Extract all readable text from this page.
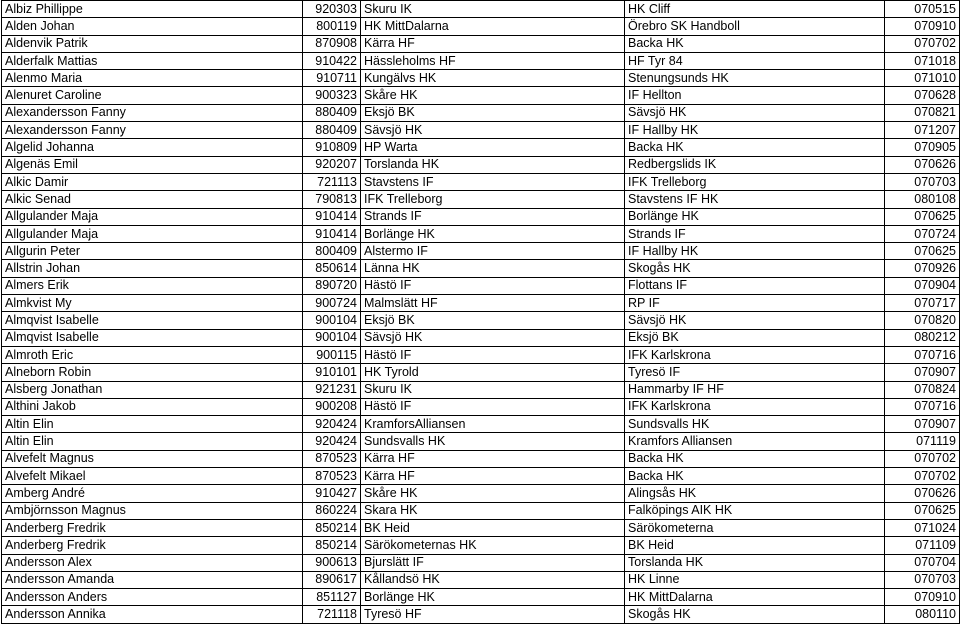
Albiz Phillippe	920303	Skuru IK	HK Cliff	070515
Alden Johan	800119	HK MittDalarna	Örebro SK Handboll	070910
Aldenvik Patrik	870908	Kärra HF	Backa HK	070702
Alderfalk Mattias	910422	Hässleholms HF	HF Tyr 84	071018
Alenmo Maria	910711	Kungälvs HK	Stenungsunds HK	071010
Alenuret Caroline	900323	Skåre HK	IF Hellton	070628
Alexandersson Fanny	880409	Eksjö BK	Sävsjö HK	070821
Alexandersson Fanny	880409	Sävsjö HK	IF Hallby HK	071207
Algelid Johanna	910809	HP Warta	Backa HK	070905
Algenäs Emil	920207	Torslanda HK	Redbergslids IK	070626
Alkic Damir	721113	Stavstens IF	IFK Trelleborg	070703
Alkic Senad	790813	IFK Trelleborg	Stavstens IF HK	080108
Allgulander Maja	910414	Strands IF	Borlänge HK	070625
Allgulander Maja	910414	Borlänge HK	Strands IF	070724
Allgurin Peter	800409	Alstermo IF	IF Hallby HK	070625
Allstrin Johan	850614	Länna HK	Skogås HK	070926
Almers Erik	890720	Hästö IF	Flottans IF	070904
Almkvist My	900724	Malmslätt HF	RP IF	070717
Almqvist Isabelle	900104	Eksjö BK	Sävsjö HK	070820
Almqvist Isabelle	900104	Sävsjö HK	Eksjö BK	080212
Almroth Eric	900115	Hästö IF	IFK Karlskrona	070716
Alneborn Robin	910101	HK Tyrold	Tyresö IF	070907
Alsberg Jonathan	921231	Skuru IK	Hammarby IF HF	070824
Althini Jakob	900208	Hästö IF	IFK Karlskrona	070716
Altin Elin	920424	KramforsAlliansen	Sundsvalls HK	070907
Altin Elin	920424	Sundsvalls HK	Kramfors Alliansen	071119
Alvefelt Magnus	870523	Kärra HF	Backa HK	070702
Alvefelt Mikael	870523	Kärra HF	Backa HK	070702
Amberg André	910427	Skåre HK	Alingsås HK	070626
Ambjörnsson Magnus	860224	Skara HK	Falköpings AIK HK	070625
Anderberg Fredrik	850214	BK Heid	Särökometerna	071024
Anderberg Fredrik	850214	Särökometernas HK	BK Heid	071109
Andersson Alex	900613	Bjurslätt IF	Torslanda HK	070704
Andersson Amanda	890617	Kållandsö HK	HK Linne	070703
Andersson Anders	851127	Borlänge HK	HK MittDalarna	070910
Andersson Annika	721118	Tyresö HF	Skogås HK	080110
